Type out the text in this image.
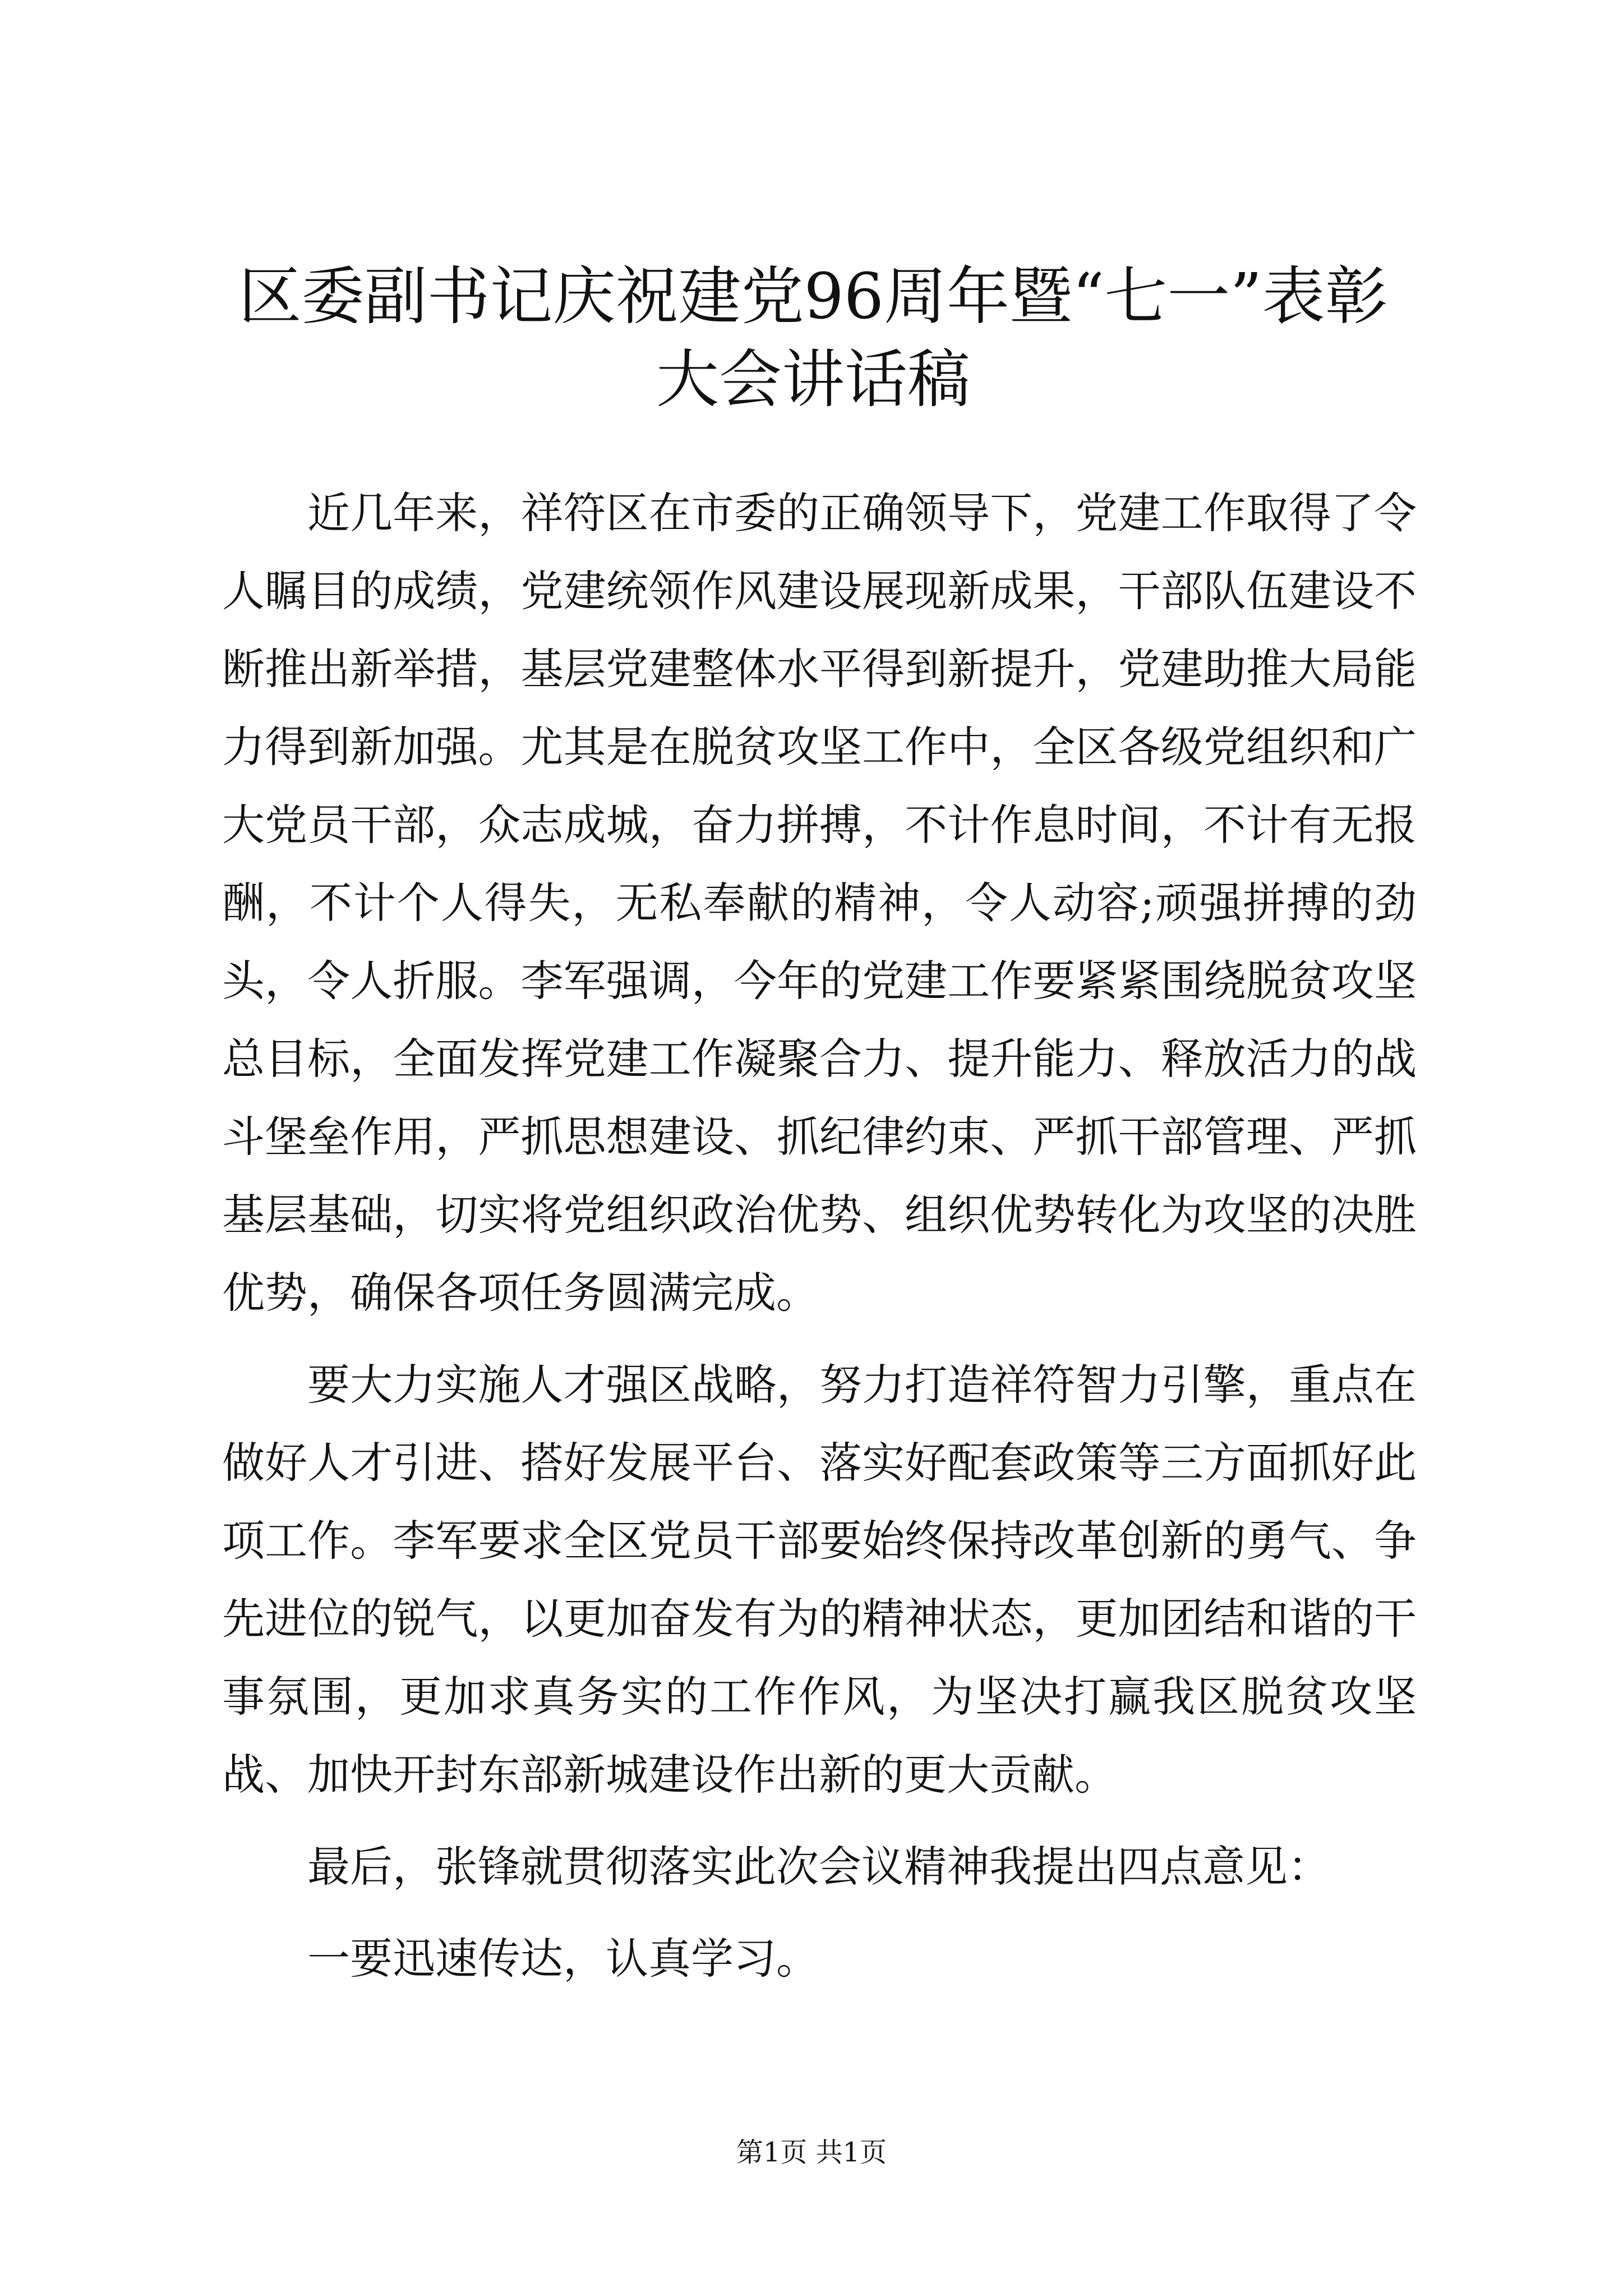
区委副书记庆祝建党96周年暨“七一”表彰大会讲话稿

近几年来，祥符区在市委的正确领导下，党建工作取得了令人瞩目的成绩，党建统领作风建设展现新成果，干部队伍建设不断推出新举措，基层党建整体水平得到新提升，党建助推大局能力得到新加强。尤其是在脱贫攻坚工作中，全区各级党组织和广大党员干部，众志成城，奋力拼搏，不计作息时间，不计有无报酬，不计个人得失，无私奉献的精神，令人动容;顽强拼搏的劲头，令人折服。李军强调，今年的党建工作要紧紧围绕脱贫攻坚总目标，全面发挥党建工作凝聚合力、提升能力、释放活力的战斗堡垒作用，严抓思想建设、抓纪律约束、严抓干部管理、严抓基层基础，切实将党组织政治优势、组织优势转化为攻坚的决胜优势，确保各项任务圆满完成。

要大力实施人才强区战略，努力打造祥符智力引擎，重点在做好人才引进、搭好发展平台、落实好配套政策等三方面抓好此项工作。李军要求全区党员干部要始终保持改革创新的勇气、争先进位的锐气，以更加奋发有为的精神状态，更加团结和谐的干事氛围，更加求真务实的工作作风，为坚决打赢我区脱贫攻坚战、加快开封东部新城建设作出新的更大贡献。

最后，张锋就贯彻落实此次会议精神我提出四点意见：

一要迅速传达，认真学习。

第1页 共1页
